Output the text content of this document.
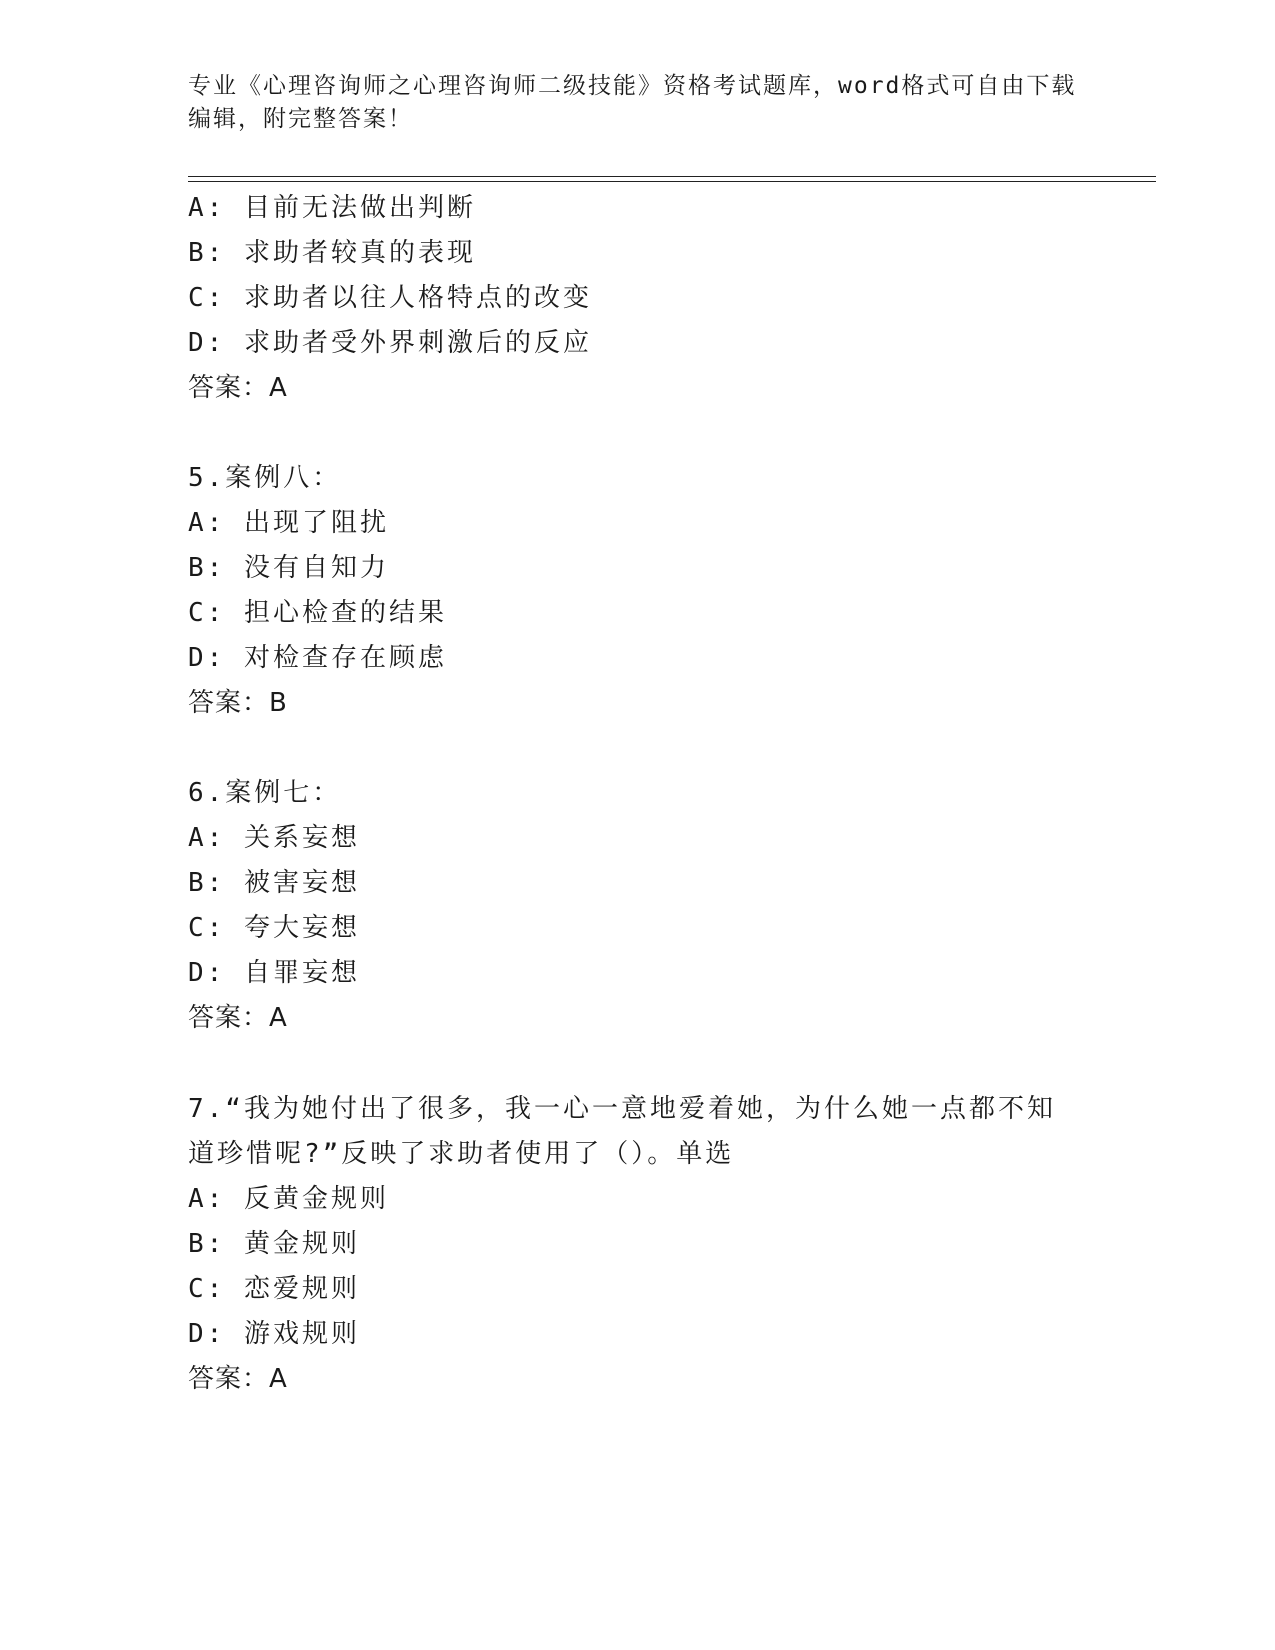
专业《心理咨询师之心理咨询师二级技能》资格考试题库，word格式可自由下载
编辑，附完整答案！
A: 目前无法做出判断
B: 求助者较真的表现
C: 求助者以往人格特点的改变
D: 求助者受外界刺激后的反应
答案：A
5.案例八：
A: 出现了阻扰
B: 没有自知力
C: 担心检查的结果
D: 对检查存在顾虑
答案：B
6.案例七：
A: 关系妄想
B: 被害妄想
C: 夸大妄想
D: 自罪妄想
答案：A
7.“我为她付出了很多，我一心一意地爱着她，为什么她一点都不知
道珍惜呢?”反映了求助者使用了（）。单选
A: 反黄金规则
B: 黄金规则
C: 恋爱规则
D: 游戏规则
答案：A
